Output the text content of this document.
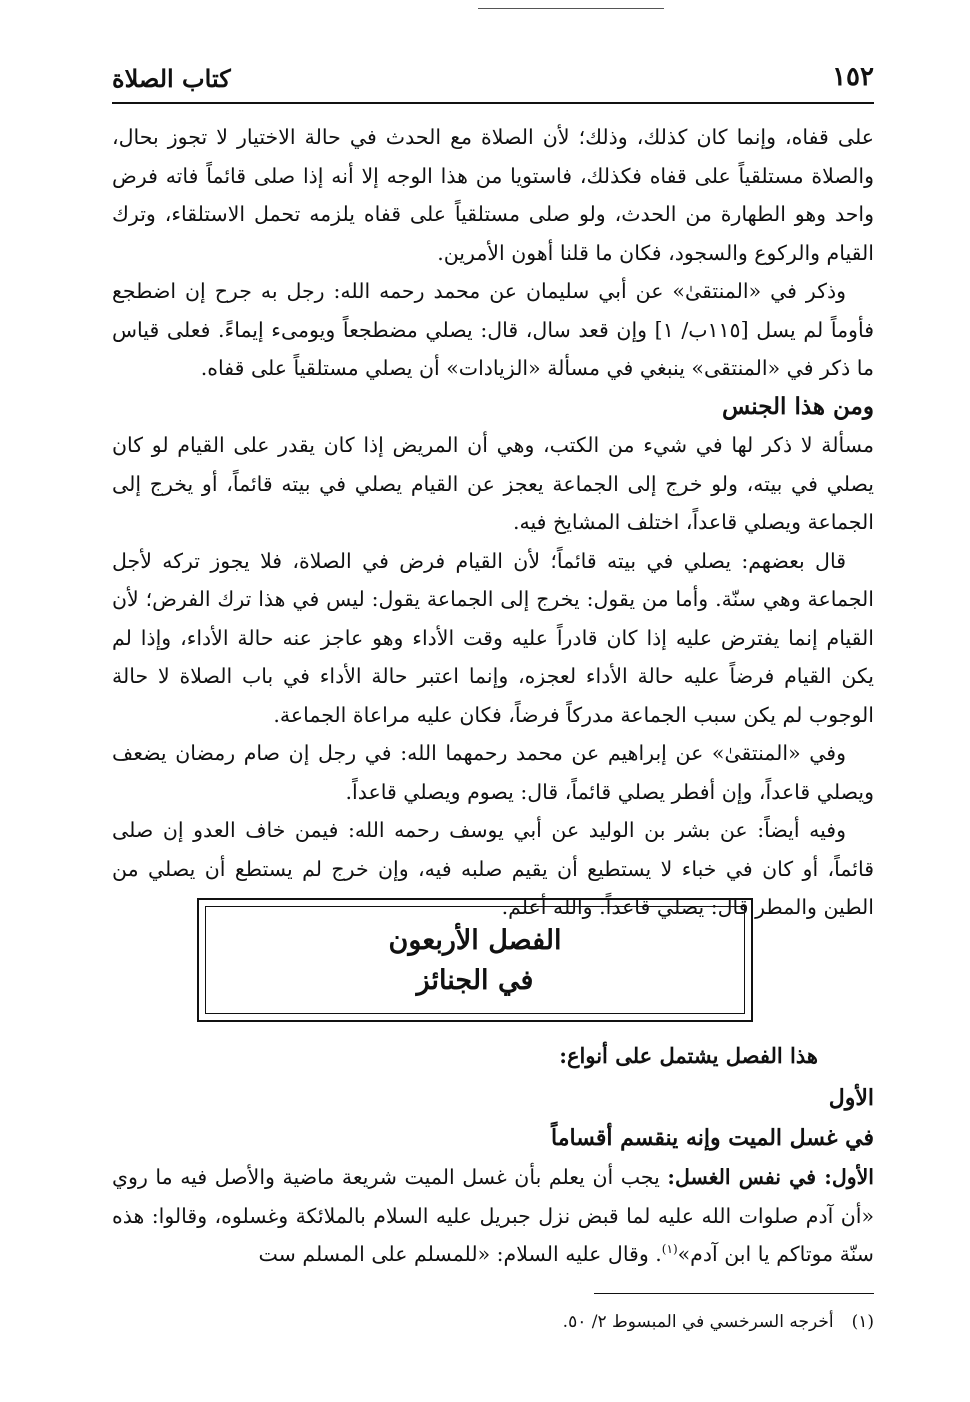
١٥٢
كتاب الصلاة

على قفاه، وإنما كان كذلك، وذلك؛ لأن الصلاة مع الحدث في حالة الاختيار لا تجوز بحال، والصلاة مستلقياً على قفاه فكذلك، فاستويا من هذا الوجه إلا أنه إذا صلى قائماً فاته فرض واحد وهو الطهارة من الحدث، ولو صلى مستلقياً على قفاه يلزمه تحمل الاستلقاء، وترك القيام والركوع والسجود، فكان ما قلنا أهون الأمرين.

وذكر في «المنتقىٰ» عن أبي سليمان عن محمد رحمه الله: رجل به جرح إن اضطجع فأوماً لم يسل [١١٥ب/ ١] وإن قعد سال، قال: يصلي مضطجعاً ويومىء إيماءً. فعلى قياس ما ذكر في «المنتقى» ينبغي في مسألة «الزيادات» أن يصلي مستلقياً على قفاه.

ومن هذا الجنس

مسألة لا ذكر لها في شيء من الكتب، وهي أن المريض إذا كان يقدر على القيام لو كان يصلي في بيته، ولو خرج إلى الجماعة يعجز عن القيام يصلي في بيته قائماً، أو يخرج إلى الجماعة ويصلي قاعداً، اختلف المشايخ فيه.

قال بعضهم: يصلي في بيته قائماً؛ لأن القيام فرض في الصلاة، فلا يجوز تركه لأجل الجماعة وهي سنّة. وأما من يقول: يخرج إلى الجماعة يقول: ليس في هذا ترك الفرض؛ لأن القيام إنما يفترض عليه إذا كان قادراً عليه وقت الأداء وهو عاجز عنه حالة الأداء، وإذا لم يكن القيام فرضاً عليه حالة الأداء لعجزه، وإنما اعتبر حالة الأداء في باب الصلاة لا حالة الوجوب لم يكن سبب الجماعة مدركاً فرضاً، فكان عليه مراعاة الجماعة.

وفي «المنتقىٰ» عن إبراهيم عن محمد رحمهما الله: في رجل إن صام رمضان يضعف ويصلي قاعداً، وإن أفطر يصلي قائماً، قال: يصوم ويصلي قاعداً.

وفيه أيضاً: عن بشر بن الوليد عن أبي يوسف رحمه الله: فيمن خاف العدو إن صلى قائماً، أو كان في خباء لا يستطيع أن يقيم صلبه فيه، وإن خرج لم يستطع أن يصلي من الطين والمطر قال: يصلي قاعداً. والله أعلم.

الفصل الأربعون
في الجنائز

هذا الفصل يشتمل على أنواع:

الأول

في غسل الميت وإنه ينقسم أقساماً

الأول: في نفس الغسل: يجب أن يعلم بأن غسل الميت شريعة ماضية والأصل فيه ما روي «أن آدم صلوات الله عليه لما قبض نزل جبريل عليه السلام بالملائكة وغسلوه، وقالوا: هذه سنّة موتاكم يا ابن آدم»$^{(١)}$. وقال عليه السلام: «للمسلم على المسلم ست

(١)أخرجه السرخسي في المبسوط ٢/ ٥٠.
